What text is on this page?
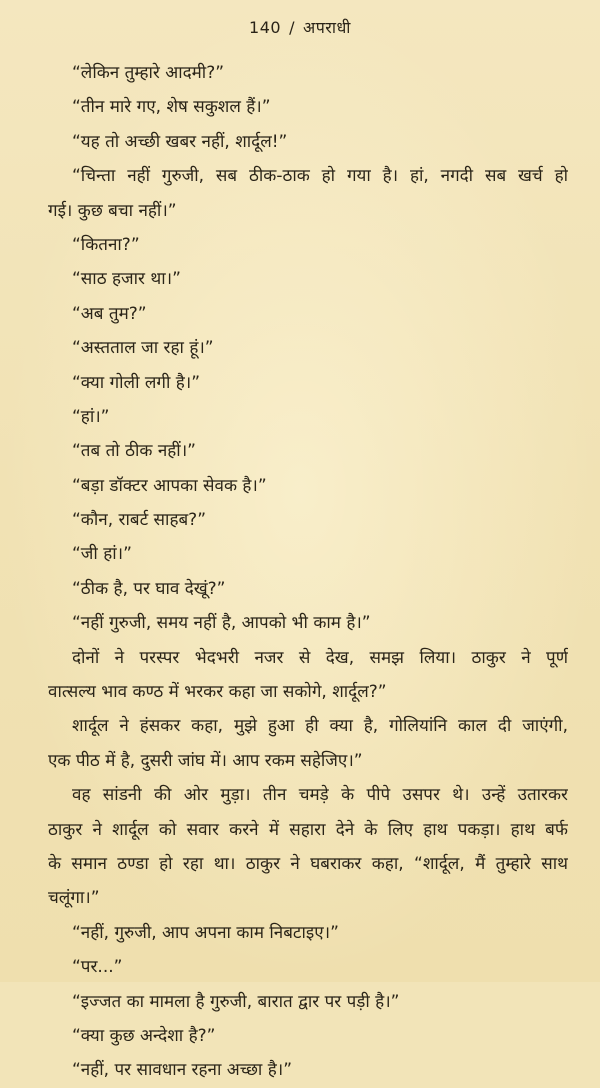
140 / अपराधी
“लेकिन तुम्हारे आदमी?”
“तीन मारे गए, शेष सकुशल हैं।”
“यह तो अच्छी खबर नहीं, शार्दूल!”
“चिन्ता नहीं गुरुजी, सब ठीक-ठाक हो गया है। हां, नगदी सब खर्च हो
गई। कुछ बचा नहीं।”
“कितना?”
“साठ हजार था।”
“अब तुम?”
“अस्तताल जा रहा हूं।”
“क्या गोली लगी है।”
“हां।”
“तब तो ठीक नहीं।”
“बड़ा डॉक्टर आपका सेवक है।”
“कौन, राबर्ट साहब?”
“जी हां।”
“ठीक है, पर घाव देखूं?”
“नहीं गुरुजी, समय नहीं है, आपको भी काम है।”
दोनों ने परस्पर भेदभरी नजर से देख, समझ लिया। ठाकुर ने पूर्ण
वात्सल्य भाव कण्ठ में भरकर कहा जा सकोगे, शार्दूल?”
शार्दूल ने हंसकर कहा, मुझे हुआ ही क्या है, गोलियांनि काल दी जाएंगी,
एक पीठ में है, दुसरी जांघ में। आप रकम सहेजिए।”
वह सांडनी की ओर मुड़ा। तीन चमड़े के पीपे उसपर थे। उन्हें उतारकर
ठाकुर ने शार्दूल को सवार करने में सहारा देने के लिए हाथ पकड़ा। हाथ बर्फ
के समान ठण्डा हो रहा था। ठाकुर ने घबराकर कहा, “शार्दूल, मैं तुम्हारे साथ
चलूंगा।”
“नहीं, गुरुजी, आप अपना काम निबटाइए।”
“पर...”
“इज्जत का मामला है गुरुजी, बारात द्वार पर पड़ी है।”
“क्या कुछ अन्देशा है?”
“नहीं, पर सावधान रहना अच्छा है।”
